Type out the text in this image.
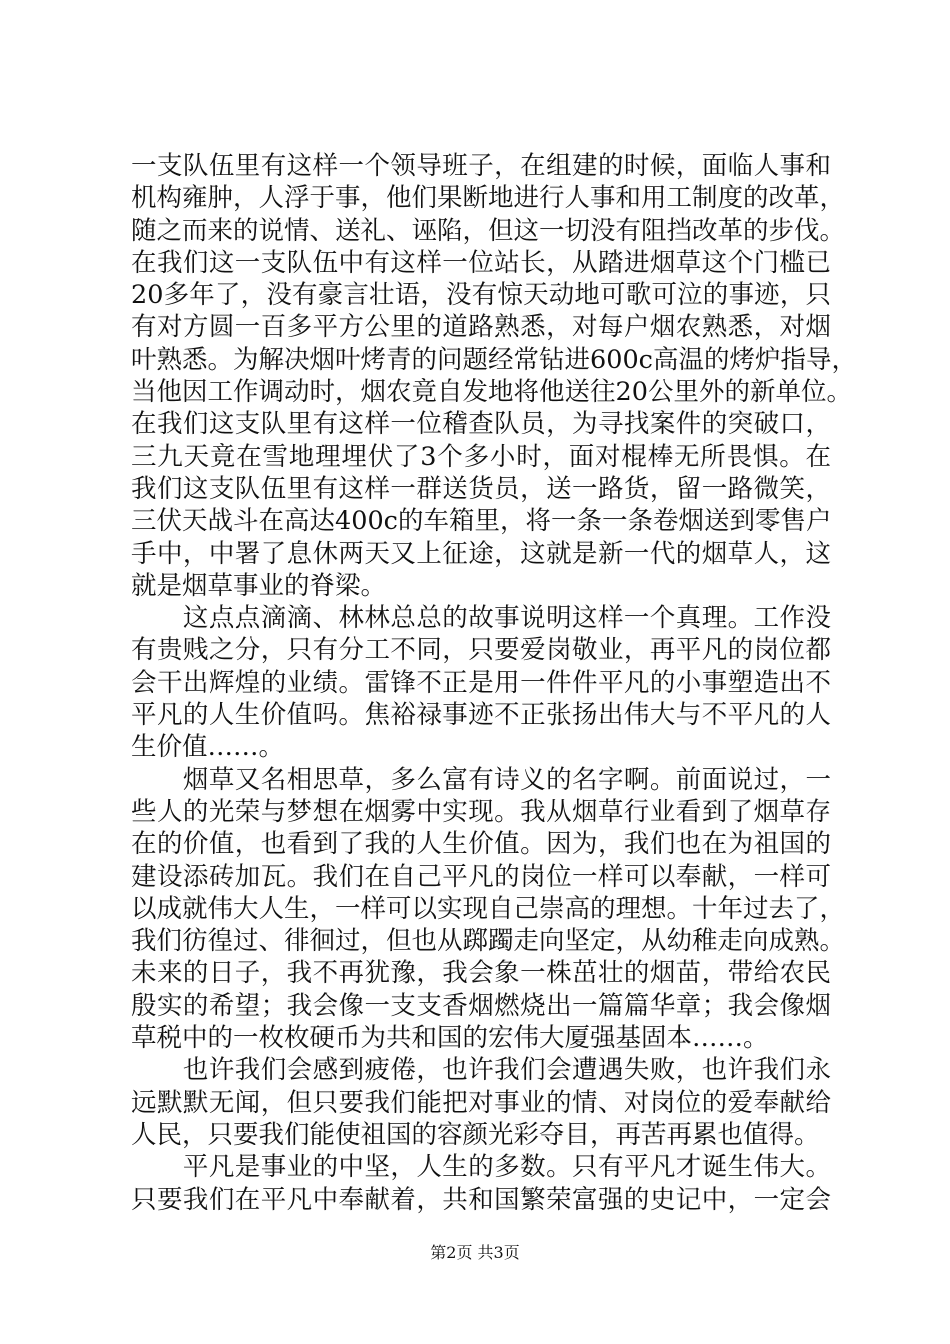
一支队伍里有这样一个领导班子，在组建的时候，面临人事和
机构雍肿，人浮于事，他们果断地进行人事和用工制度的改革，
随之而来的说情、送礼、诬陷，但这一切没有阻挡改革的步伐。
在我们这一支队伍中有这样一位站长，从踏进烟草这个门槛已
20多年了，没有豪言壮语，没有惊天动地可歌可泣的事迹，只
有对方圆一百多平方公里的道路熟悉，对每户烟农熟悉，对烟
叶熟悉。为解决烟叶烤青的问题经常钻进600c高温的烤炉指导，
当他因工作调动时，烟农竟自发地将他送往20公里外的新单位。
在我们这支队里有这样一位稽查队员，为寻找案件的突破口，
三九天竟在雪地理埋伏了3个多小时，面对棍棒无所畏惧。在
我们这支队伍里有这样一群送货员，送一路货，留一路微笑，
三伏天战斗在高达400c的车箱里，将一条一条卷烟送到零售户
手中，中署了息休两天又上征途，这就是新一代的烟草人，这
就是烟草事业的脊梁。
　　这点点滴滴、林林总总的故事说明这样一个真理。工作没
有贵贱之分，只有分工不同，只要爱岗敬业，再平凡的岗位都
会干出辉煌的业绩。雷锋不正是用一件件平凡的小事塑造出不
平凡的人生价值吗。焦裕禄事迹不正张扬出伟大与不平凡的人
生价值……。
　　烟草又名相思草，多么富有诗义的名字啊。前面说过，一
些人的光荣与梦想在烟雾中实现。我从烟草行业看到了烟草存
在的价值，也看到了我的人生价值。因为，我们也在为祖国的
建设添砖加瓦。我们在自己平凡的岗位一样可以奉献，一样可
以成就伟大人生，一样可以实现自己崇高的理想。十年过去了，
我们彷徨过、徘徊过，但也从踯躅走向坚定，从幼稚走向成熟。
未来的日子，我不再犹豫，我会象一株茁壮的烟苗，带给农民
殷实的希望；我会像一支支香烟燃烧出一篇篇华章；我会像烟
草税中的一枚枚硬币为共和国的宏伟大厦强基固本……。
　　也许我们会感到疲倦，也许我们会遭遇失败，也许我们永
远默默无闻，但只要我们能把对事业的情、对岗位的爱奉献给
人民，只要我们能使祖国的容颜光彩夺目，再苦再累也值得。
　　平凡是事业的中坚，人生的多数。只有平凡才诞生伟大。
只要我们在平凡中奉献着，共和国繁荣富强的史记中，一定会
第2页 共3页
